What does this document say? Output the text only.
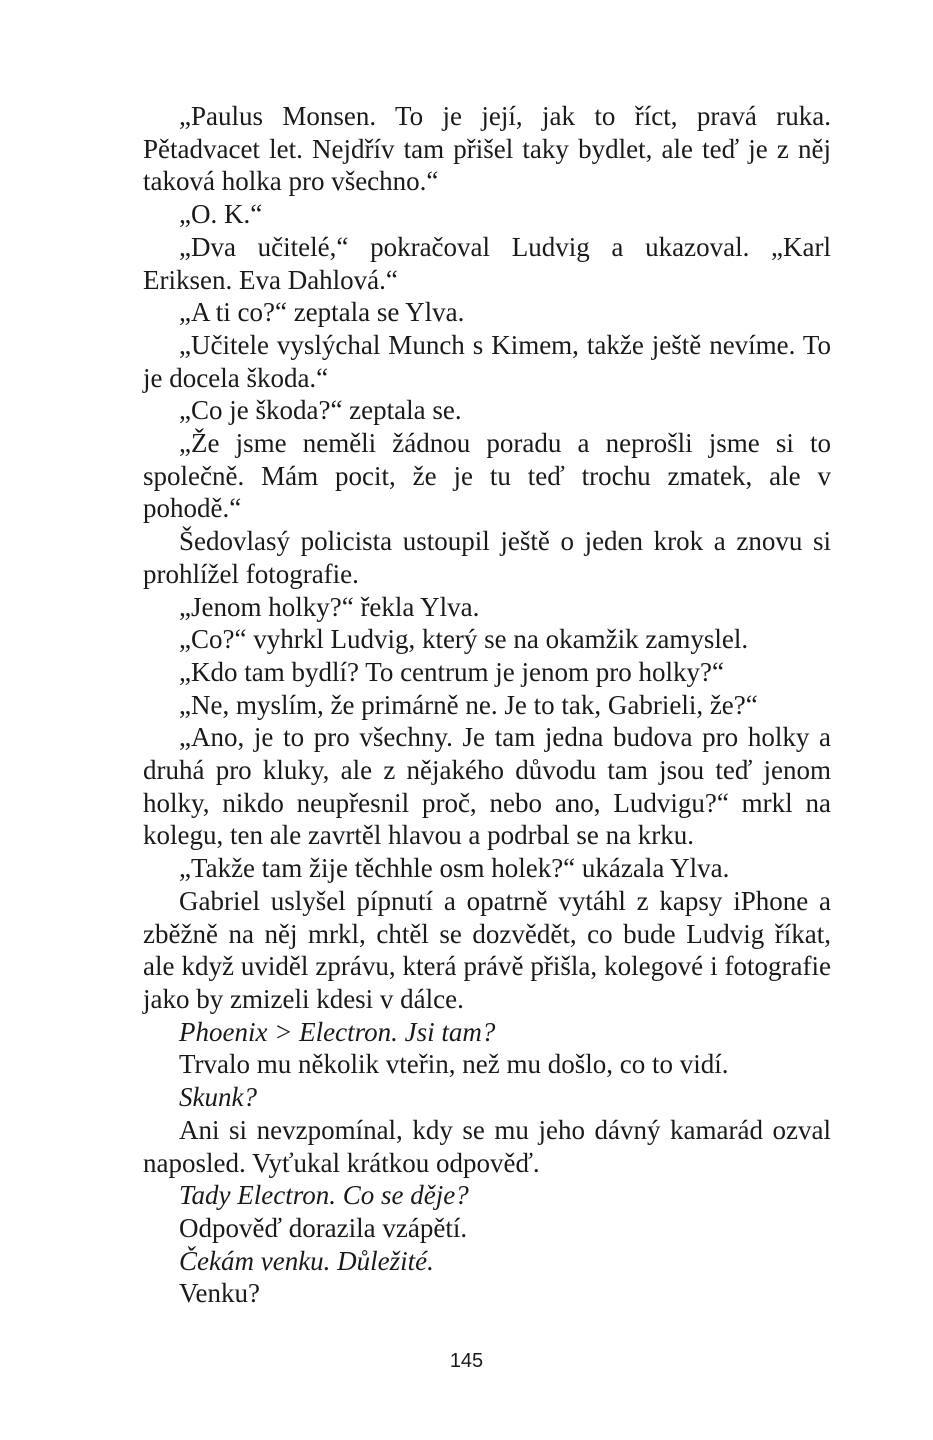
„Paulus Monsen. To je její, jak to říct, pravá ruka. Pětadvacet let. Nejdřív tam přišel taky bydlet, ale teď je z něj taková holka pro všechno.“

„O. K.“

„Dva učitelé,“ pokračoval Ludvig a ukazoval. „Karl Eriksen. Eva Dahlová.“

„A ti co?“ zeptala se Ylva.

„Učitele vyslýchal Munch s Kimem, takže ještě nevíme. To je docela škoda.“

„Co je škoda?“ zeptala se.

„Že jsme neměli žádnou poradu a neprošli jsme si to společně. Mám pocit, že je tu teď trochu zmatek, ale v pohodě.“

Šedovlasý policista ustoupil ještě o jeden krok a znovu si prohlížel fotografie.

„Jenom holky?“ řekla Ylva.

„Co?“ vyhrkl Ludvig, který se na okamžik zamyslel.

„Kdo tam bydlí? To centrum je jenom pro holky?“

„Ne, myslím, že primárně ne. Je to tak, Gabrieli, že?“

„Ano, je to pro všechny. Je tam jedna budova pro holky a druhá pro kluky, ale z nějakého důvodu tam jsou teď jenom holky, nikdo neupřesnil proč, nebo ano, Ludvigu?“ mrkl na kolegu, ten ale zavrtěl hlavou a podrbal se na krku.

„Takže tam žije těchhle osm holek?“ ukázala Ylva.

Gabriel uslyšel pípnutí a opatrně vytáhl z kapsy iPhone a zběžně na něj mrkl, chtěl se dozvědět, co bude Ludvig říkat, ale když uviděl zprávu, která právě přišla, kolegové i fotografie jako by zmizeli kdesi v dálce.

Phoenix > Electron. Jsi tam?

Trvalo mu několik vteřin, než mu došlo, co to vidí.

Skunk?

Ani si nevzpomínal, kdy se mu jeho dávný kamarád ozval naposled. Vyťukal krátkou odpověď.

Tady Electron. Co se děje?

Odpověď dorazila vzápětí.

Čekám venku. Důležité.

Venku?

145
